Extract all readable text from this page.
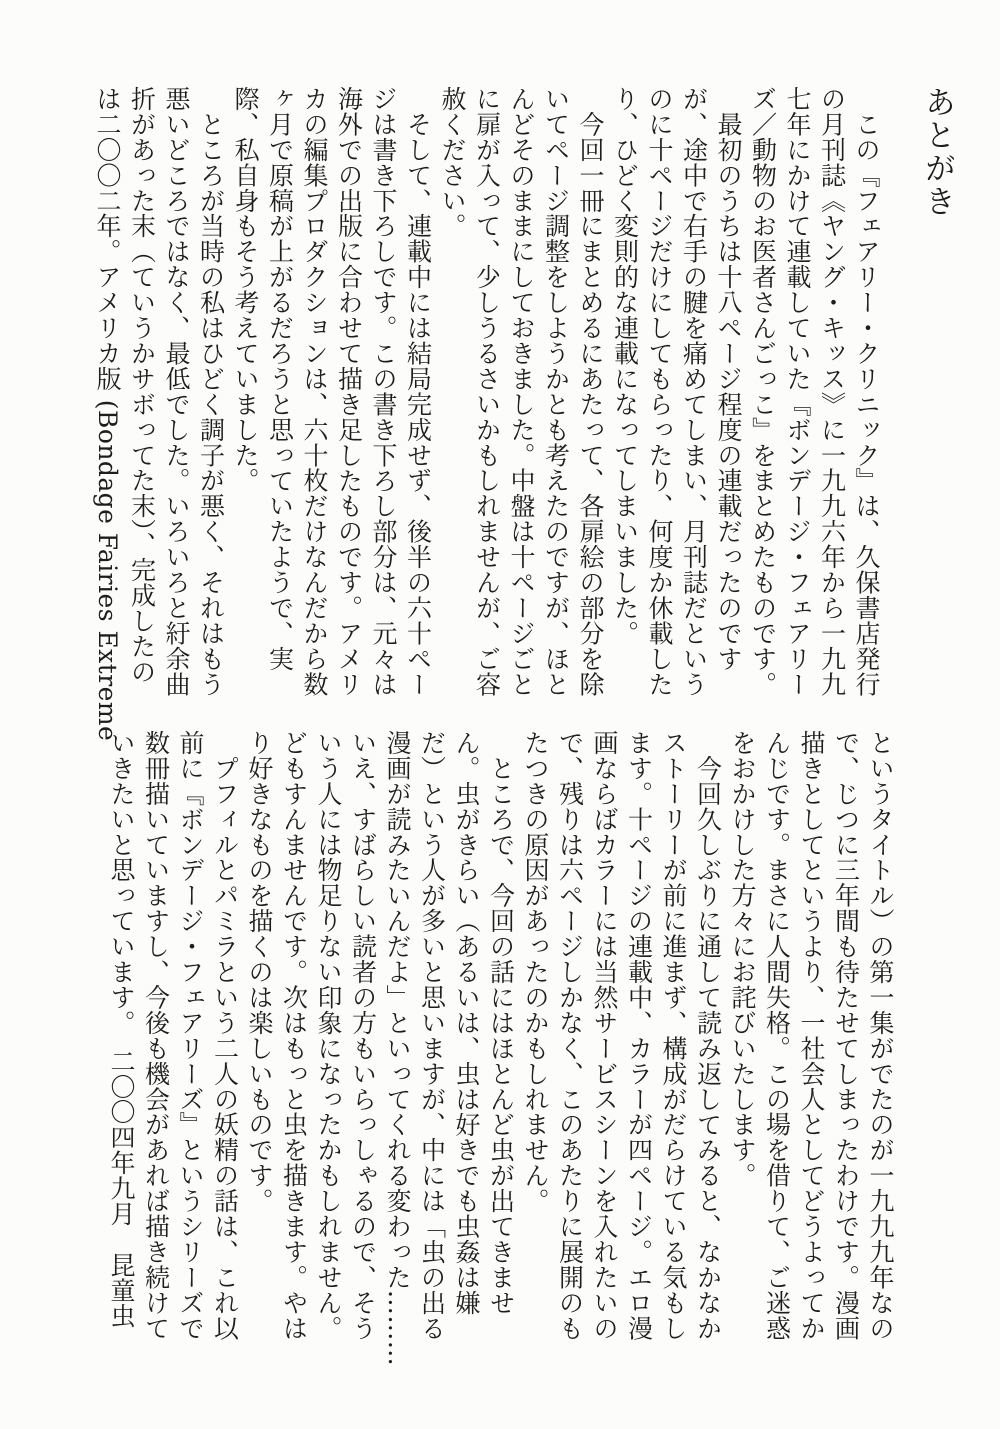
あとがき
　この『フェアリー・クリニック』は、久保書店発行
の月刊誌《ヤング・キッス》に一九九六年から一九九
七年にかけて連載していた『ボンデージ・フェアリー
ズ／動物のお医者さんごっこ』をまとめたものです。
　最初のうちは十八ページ程度の連載だったのです
が、途中で右手の腱を痛めてしまい、月刊誌だという
のに十ページだけにしてもらったり、何度か休載した
り、ひどく変則的な連載になってしまいました。
　今回一冊にまとめるにあたって、各扉絵の部分を除
いてページ調整をしようかとも考えたのですが、ほと
んどそのままにしておきました。中盤は十ページごと
に扉が入って、少しうるさいかもしれませんが、ご容
赦ください。
　そして、連載中には結局完成せず、後半の六十ペー
ジは書き下ろしです。この書き下ろし部分は、元々は
海外での出版に合わせて描き足したものです。アメリ
カの編集プロダクションは、六十枚だけなんだから数
ヶ月で原稿が上がるだろうと思っていたようで、実
際、私自身もそう考えていました。
　ところが当時の私はひどく調子が悪く、それはもう
悪いどころではなく、最低でした。いろいろと紆余曲
折があった末（ていうかサボってた末）、完成したの
は二〇〇二年。アメリカ版 (Bondage Fairies Extreme
というタイトル）の第一集がでたのが一九九九年なの
で、じつに三年間も待たせてしまったわけです。漫画
描きとしてというより、一社会人としてどうよってか
んじです。まさに人間失格。この場を借りて、ご迷惑
をおかけした方々にお詫びいたします。
　今回久しぶりに通して読み返してみると、なかなか
ストーリーが前に進まず、構成がだらけている気もし
ます。十ページの連載中、カラーが四ページ。エロ漫
画ならばカラーには当然サービスシーンを入れたいの
で、残りは六ページしかなく、このあたりに展開のも
たつきの原因があったのかもしれません。
　ところで、今回の話にはほとんど虫が出てきませ
ん。虫がきらい（あるいは、虫は好きでも虫姦は嫌
だ）という人が多いと思いますが、中には「虫の出る
漫画が読みたいんだよ」といってくれる変わった………
いえ、すばらしい読者の方もいらっしゃるので、そう
いう人には物足りない印象になったかもしれません。
どもすんませんです。次はもっと虫を描きます。やは
り好きなものを描くのは楽しいものです。
　プフィルとパミラという二人の妖精の話は、これ以
前に『ボンデージ・フェアリーズ』というシリーズで
数冊描いていますし、今後も機会があれば描き続けて
いきたいと思っています。　二〇〇四年九月　昆童虫
